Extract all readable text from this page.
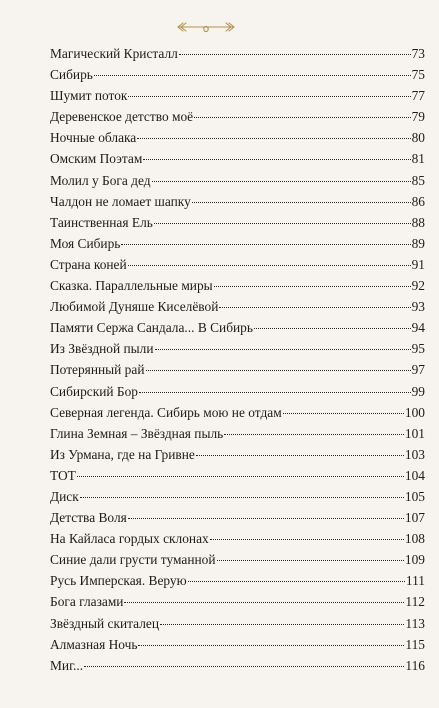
Магический Кристалл	73
Сибирь	75
Шумит поток	77
Деревенское детство моё	79
Ночные облака	80
Омским Поэтам	81
Молил у Бога дед	85
Чалдон не ломает шапку	86
Таинственная Ель	88
Моя Сибирь	89
Страна коней	91
Сказка. Параллельные миры	92
Любимой Дуняше Киселёвой	93
Памяти Сержа Сандала... В Сибирь	94
Из Звёздной пыли	95
Потерянный рай	97
Сибирский Бор	99
Северная легенда. Сибирь мою не отдам	100
Глина Земная – Звёздная пыль	101
Из Урмана, где на Гривне	103
ТОТ	104
Диск	105
Детства Воля	107
На Кайласа гордых склонах	108
Синие дали грусти туманной	109
Русь Имперская. Верую	111
Бога глазами	112
Звёздный скиталец	113
Алмазная Ночь	115
Миг...	116
